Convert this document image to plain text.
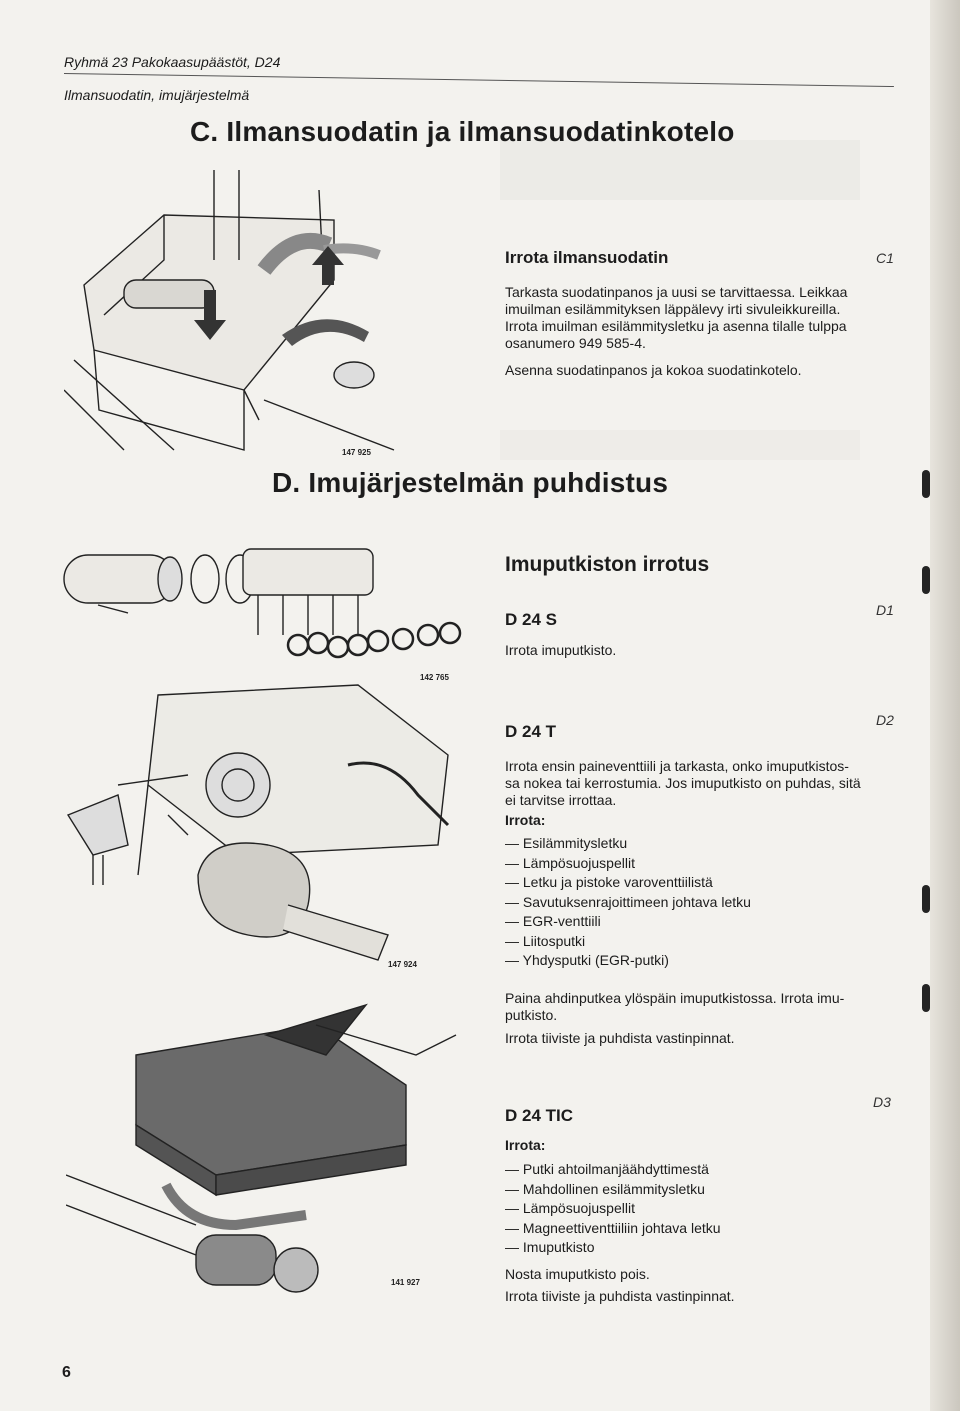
Ryhmä 23 Pakokaasupäästöt, D24
Ilmansuodatin, imujärjestelmä
C. Ilmansuodatin ja ilmansuodatinkotelo
147 925
Irrota ilmansuodatin	C1
Tarkasta suodatinpanos ja uusi se tarvittaessa. Leikkaa
imuilman esilämmityksen läppälevy irti sivuleikkureilla.
Irrota imuilman esilämmitysletku ja asenna tilalle tulppa
osanumero 949 585-4.
Asenna suodatinpanos ja kokoa suodatinkotelo.
D. Imujärjestelmän puhdistus
142 765
147 924
141 927
Imuputkiston irrotus
D 24 S	D1
Irrota imuputkisto.
D 24 T
D2
Irrota ensin paineventtiili ja tarkasta, onko imuputkistos-
sa nokea tai kerrostumia. Jos imuputkisto on puhdas, sitä
ei tarvitse irrottaa.
Irrota:
— Esilämmitysletku
— Lämpösuojuspellit
— Letku ja pistoke varoventtiilistä
— Savutuksenrajoittimeen johtava letku
— EGR-venttiili
— Liitosputki
— Yhdysputki (EGR-putki)
Paina ahdinputkea ylöspäin imuputkistossa. Irrota imu-
putkisto.
Irrota tiiviste ja puhdista vastinpinnat.
D 24 TIC
D3
Irrota:
— Putki ahtoilmanjäähdyttimestä
— Mahdollinen esilämmitysletku
— Lämpösuojuspellit
— Magneettiventtiiliin johtava letku
— Imuputkisto
Nosta imuputkisto pois.
Irrota tiiviste ja puhdista vastinpinnat.
6
